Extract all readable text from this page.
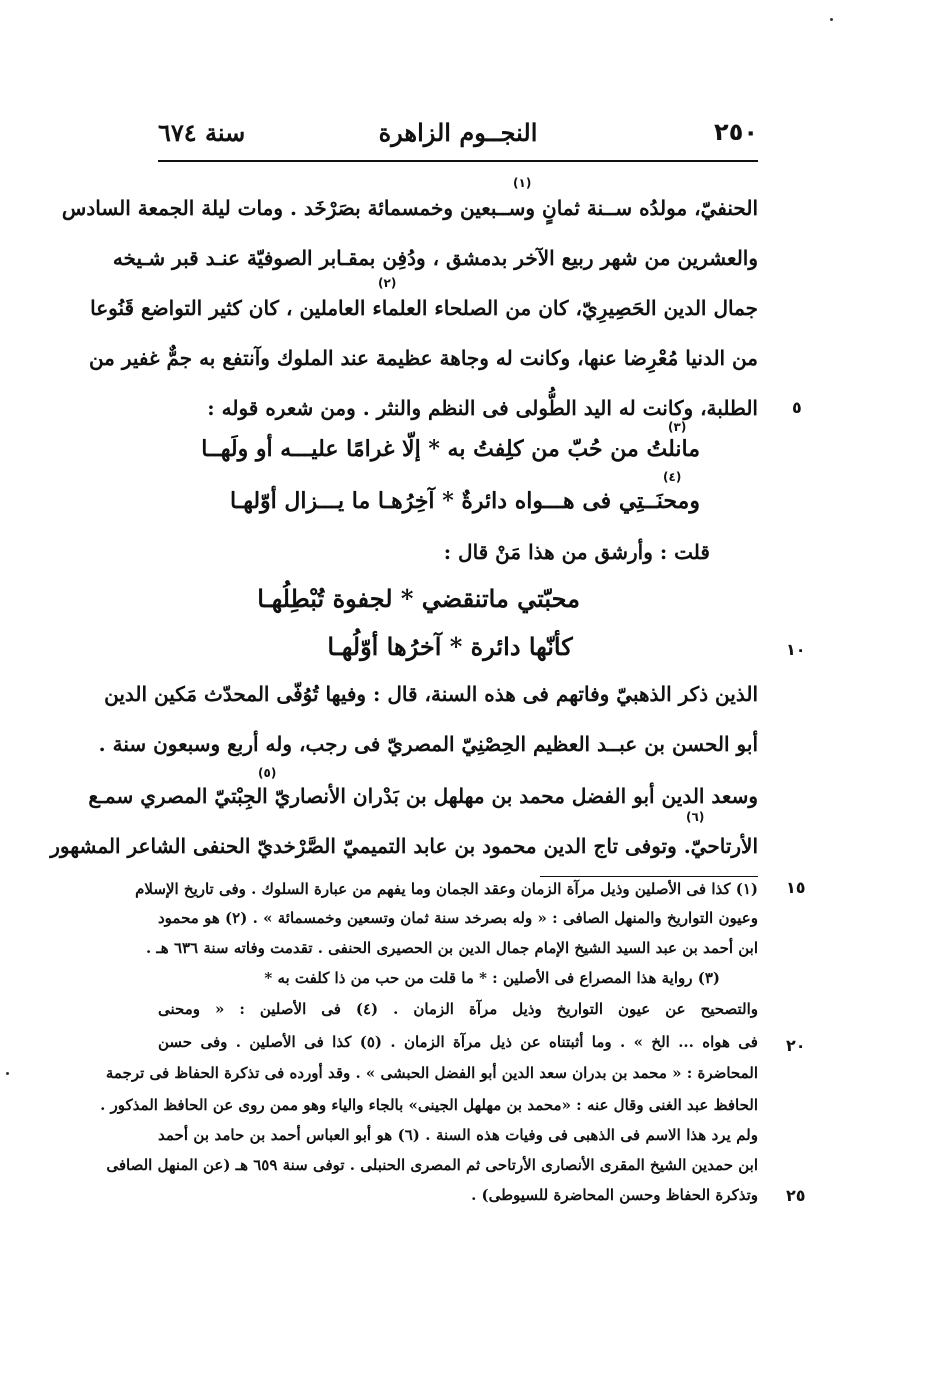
٢٥٠
النجــوم الزاهرة
سنة ٦٧٤
(١)
(٢)
(٣)
(٤)
(٥)
(٦)
الحنفيّ، مولدُه ســنة ثمانٍ وســبعين وخمسمائة بصَرْخَد . ومات ليلة الجمعة السادس
والعشرين من شهر ربيع الآخر بدمشق ، ودُفِن بمقـابر الصوفيّة عنـد قبر شـيخه
جمال الدين الحَصِيرِيّ، كان من الصلحاء العلماء العاملين ، كان كثير التواضع قَنُوعا
من الدنيا مُعْرِضا عنها، وكانت له وجاهة عظيمة عند الملوك وآنتفع به جمٌّ غفير من
الطلبة، وكانت له اليد الطُّولى فى النظم والنثر . ومن شعره قوله :
مانلتُ من حُبّ من كلِفتُ به * إلّا غرامًا عليـــه أو ولَهــا
ومحنَــتِي فى هـــواه دائرةٌ * آخِرُهـا ما يـــزال أوّلهـا
قلت : وأرشق من هذا مَنْ قال :
محبّتي ماتنقضي * لجفوة تُبْطِلُهـا
كأنّها دائرة * آخرُها أوّلُهـا
الذين ذكر الذهبيّ وفاتهم فى هذه السنة، قال : وفيها تُوُفّى المحدّث مَكين الدين
أبو الحسن بن عبــد العظيم الحِصْنِيّ المصريّ فى رجب، وله أربع وسبعون سنة .
وسعد الدين أبو الفضل محمد بن مهلهل بن بَدْران الأنصاريّ الجِبْتيّ المصري سمـع
الأرتاحيّ. وتوفى تاج الدين محمود بن عابد التميميّ الصَّرْخديّ الحنفى الشاعر المشهور
٥
١٠
١٥
٢٠
٢٥
(١) كذا فى الأصلين وذيل مرآة الزمان وعقد الجمان وما يفهم من عبارة السلوك . وفى تاريخ الإسلام
وعيون التواريخ والمنهل الصافى : « وله بصرخد سنة ثمان وتسعين وخمسمائة » . (٢) هو محمود
ابن أحمد بن عبد السيد الشيخ الإمام جمال الدين بن الحصيرى الحنفى . تقدمت وفاته سنة ٦٣٦ هـ .
(٣) رواية هذا المصراع فى الأصلين : * ما قلت من حب من ذا كلفت به *
والتصحيح عن عيون التواريخ وذيل مرآة الزمان . (٤) فى الأصلين : « ومحنى
فى هواه ... الخ » . وما أثبتناه عن ذيل مرآة الزمان . (٥) كذا فى الأصلين . وفى حسن
المحاضرة : « محمد بن بدران سعد الدين أبو الفضل الحبشى » . وقد أورده فى تذكرة الحفاظ فى ترجمة
الحافظ عبد الغنى وقال عنه : «محمد بن مهلهل الجينى» بالجاء والياء وهو ممن روى عن الحافظ المذكور .
ولم يرد هذا الاسم فى الذهبى فى وفيات هذه السنة . (٦) هو أبو العباس أحمد بن حامد بن أحمد
ابن حمدين الشيخ المقرى الأنصارى الأرتاحى ثم المصرى الحنبلى . توفى سنة ٦٥٩ هـ (عن المنهل الصافى
وتذكرة الحفاظ وحسن المحاضرة للسيوطى) .
